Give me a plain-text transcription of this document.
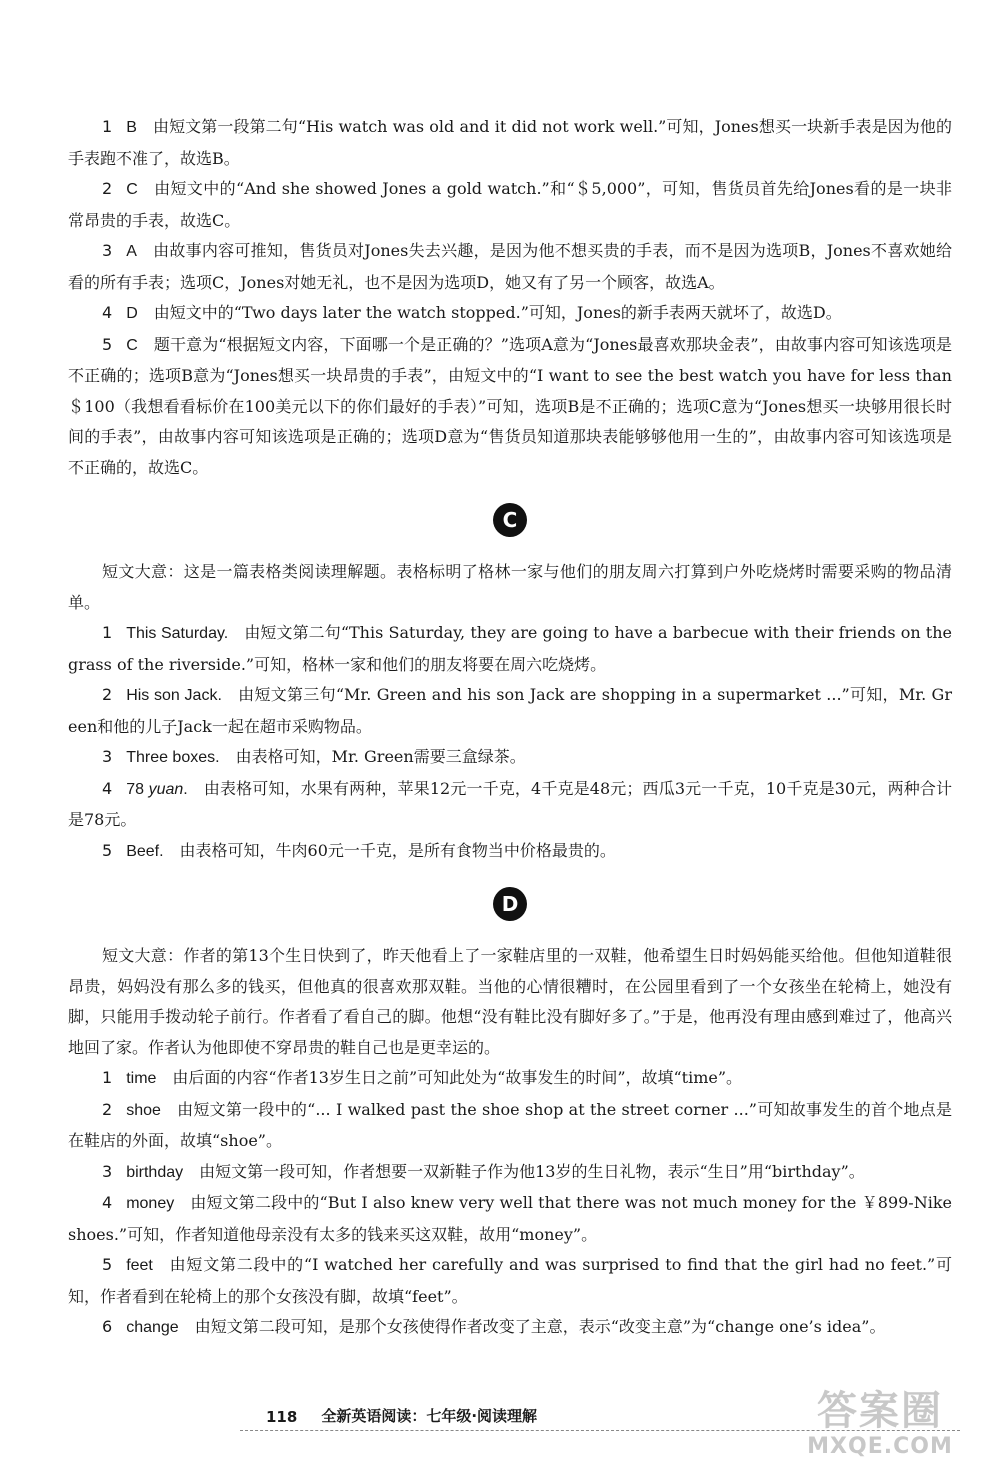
1 B 由短文第一段第二句“His watch was old and it did not work well.”可知，Jones想买一块新手表是因为他的手表跑不准了，故选B。

2 C 由短文中的“And she showed Jones a gold watch.”和“＄5,000”，可知，售货员首先给Jones看的是一块非常昂贵的手表，故选C。

3 A 由故事内容可推知，售货员对Jones失去兴趣，是因为他不想买贵的手表，而不是因为选项B，Jones不喜欢她给看的所有手表；选项C，Jones对她无礼，也不是因为选项D，她又有了另一个顾客，故选A。

4 D 由短文中的“Two days later the watch stopped.”可知，Jones的新手表两天就坏了，故选D。

5 C 题干意为“根据短文内容，下面哪一个是正确的？”选项A意为“Jones最喜欢那块金表”，由故事内容可知该选项是不正确的；选项B意为“Jones想买一块昂贵的手表”，由短文中的“I want to see the best watch you have for less than ＄100（我想看看标价在100美元以下的你们最好的手表）”可知，选项B是不正确的；选项C意为“Jones想买一块够用很长时间的手表”，由故事内容可知该选项是正确的；选项D意为“售货员知道那块表能够够他用一生的”，由故事内容可知该选项是不正确的，故选C。

C

短文大意：这是一篇表格类阅读理解题。表格标明了格林一家与他们的朋友周六打算到户外吃烧烤时需要采购的物品清单。

1 This Saturday. 由短文第二句“This Saturday, they are going to have a barbecue with their friends on the grass of the riverside.”可知，格林一家和他们的朋友将要在周六吃烧烤。

2 His son Jack. 由短文第三句“Mr. Green and his son Jack are shopping in a supermarket ...”可知，Mr. Green和他的儿子Jack一起在超市采购物品。

3 Three boxes. 由表格可知，Mr. Green需要三盒绿茶。

4 78 yuan. 由表格可知，水果有两种，苹果12元一千克，4千克是48元；西瓜3元一千克，10千克是30元，两种合计是78元。

5 Beef. 由表格可知，牛肉60元一千克，是所有食物当中价格最贵的。

D

短文大意：作者的第13个生日快到了，昨天他看上了一家鞋店里的一双鞋，他希望生日时妈妈能买给他。但他知道鞋很昂贵，妈妈没有那么多的钱买，但他真的很喜欢那双鞋。当他的心情很糟时，在公园里看到了一个女孩坐在轮椅上，她没有脚，只能用手拨动轮子前行。作者看了看自己的脚。他想“没有鞋比没有脚好多了。”于是，他再没有理由感到难过了，他高兴地回了家。作者认为他即使不穿昂贵的鞋自己也是更幸运的。

1 time 由后面的内容“作者13岁生日之前”可知此处为“故事发生的时间”，故填“time”。

2 shoe 由短文第一段中的“... I walked past the shoe shop at the street corner ...”可知故事发生的首个地点是在鞋店的外面，故填“shoe”。

3 birthday 由短文第一段可知，作者想要一双新鞋子作为他13岁的生日礼物，表示“生日”用“birthday”。

4 money 由短文第二段中的“But I also knew very well that there was not much money for the ￥899-Nike shoes.”可知，作者知道他母亲没有太多的钱来买这双鞋，故用“money”。

5 feet 由短文第二段中的“I watched her carefully and was surprised to find that the girl had no feet.”可知，作者看到在轮椅上的那个女孩没有脚，故填“feet”。

6 change 由短文第二段可知，是那个女孩使得作者改变了主意，表示“改变主意”为“change one’s idea”。

118 全新英语阅读：七年级·阅读理解	答案圈
MXQE.COM
